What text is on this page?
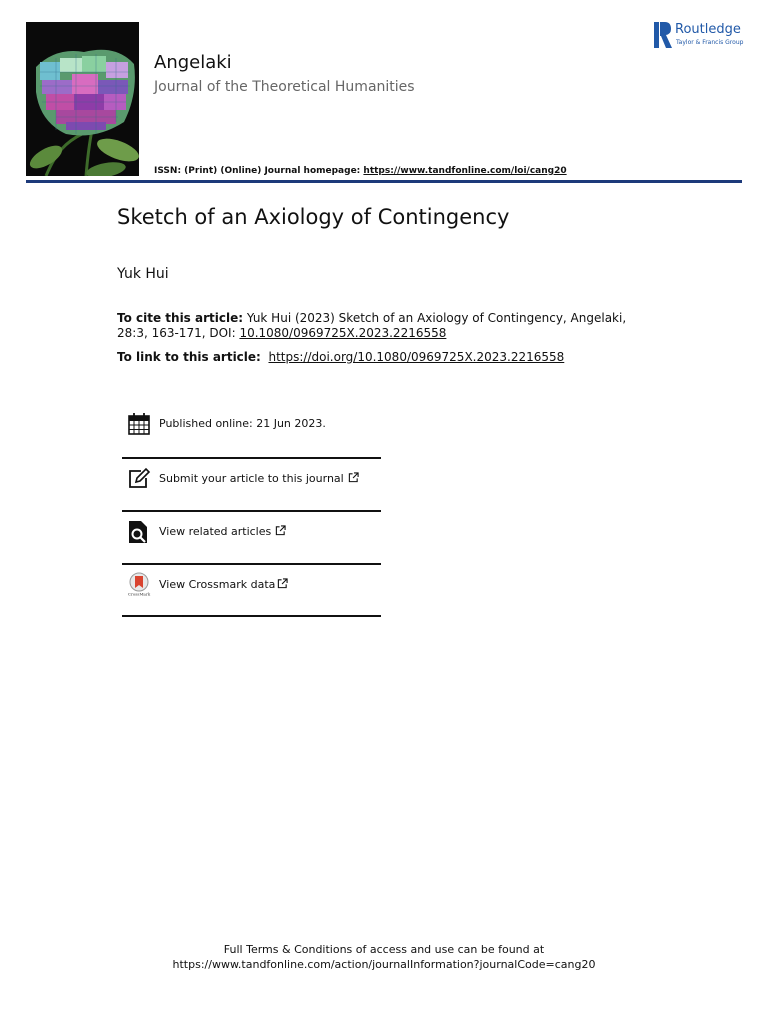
Angelaki
Journal of the Theoretical Humanities
ISSN: (Print) (Online) Journal homepage: https://www.tandfonline.com/loi/cang20
Routledge
Taylor & Francis Group
Sketch of an Axiology of Contingency
Yuk Hui
To cite this article: Yuk Hui (2023) Sketch of an Axiology of Contingency, Angelaki, 28:3, 163-171, DOI: 10.1080/0969725X.2023.2216558
To link to this article: https://doi.org/10.1080/0969725X.2023.2216558
Published online: 21 Jun 2023.
Submit your article to this journal
View related articles
CrossMark
View Crossmark data
Full Terms & Conditions of access and use can be found at
https://www.tandfonline.com/action/journalInformation?journalCode=cang20
